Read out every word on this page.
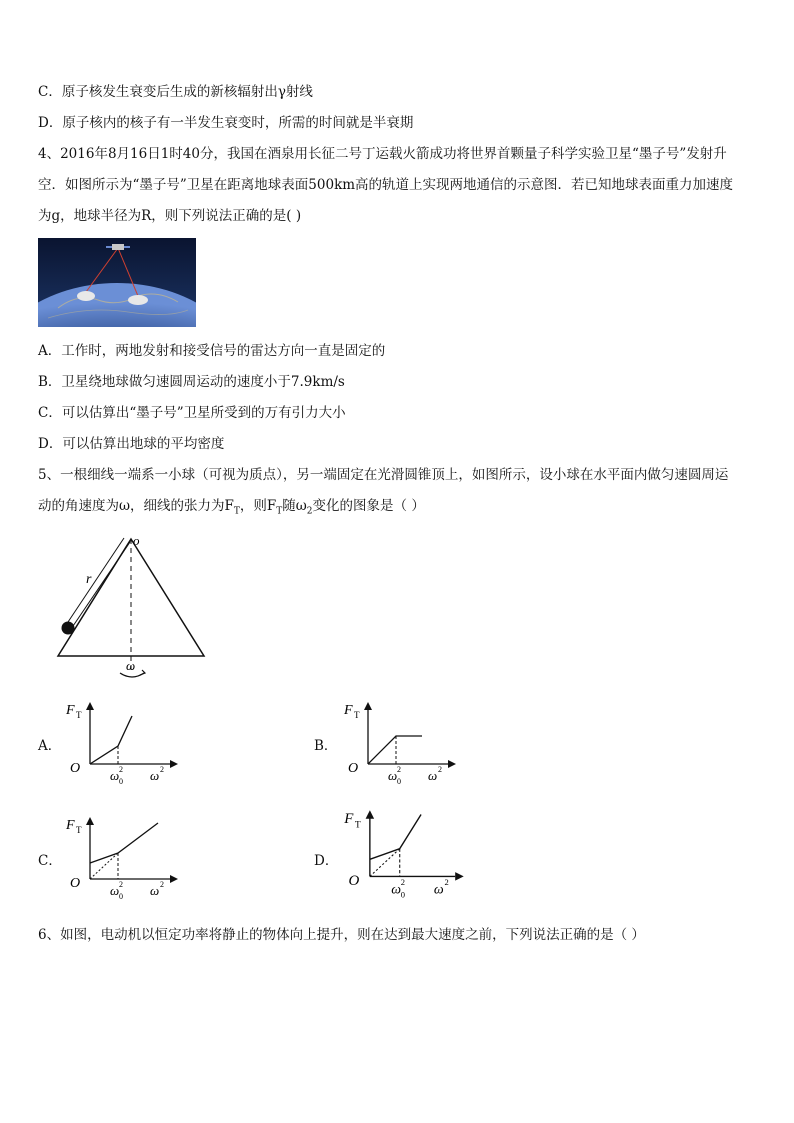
C．原子核发生衰变后生成的新核辐射出γ射线
D．原子核内的核子有一半发生衰变时，所需的时间就是半衰期
4、2016年8月16日1时40分，我国在酒泉用长征二号丁运载火箭成功将世界首颗量子科学实验卫星“墨子号”发射升
空．如图所示为“墨子号”卫星在距离地球表面500km高的轨道上实现两地通信的示意图．若已知地球表面重力加速度
为g，地球半径为R，则下列说法正确的是( )
A．工作时，两地发射和接受信号的雷达方向一直是固定的
B．卫星绕地球做匀速圆周运动的速度小于7.9km/s
C．可以估算出“墨子号”卫星所受到的万有引力大小
D．可以估算出地球的平均密度
5、一根细线一端系一小球（可视为质点），另一端固定在光滑圆锥顶上，如图所示，设小球在水平面内做匀速圆周运
动的角速度为ω，细线的张力为$F_T$，则$F_T$随$\omega_2$变化的图象是（ ）
o
r
ω
A．	B．
C．	D．
F T
O ω 2
0 ω 2
F T
O ω 2
0 ω 2
F T
O ω 2
0 ω 2
F T
O
ω 2
0 ω 2
6、如图，电动机以恒定功率将静止的物体向上提升，则在达到最大速度之前，下列说法正确的是（ ）
